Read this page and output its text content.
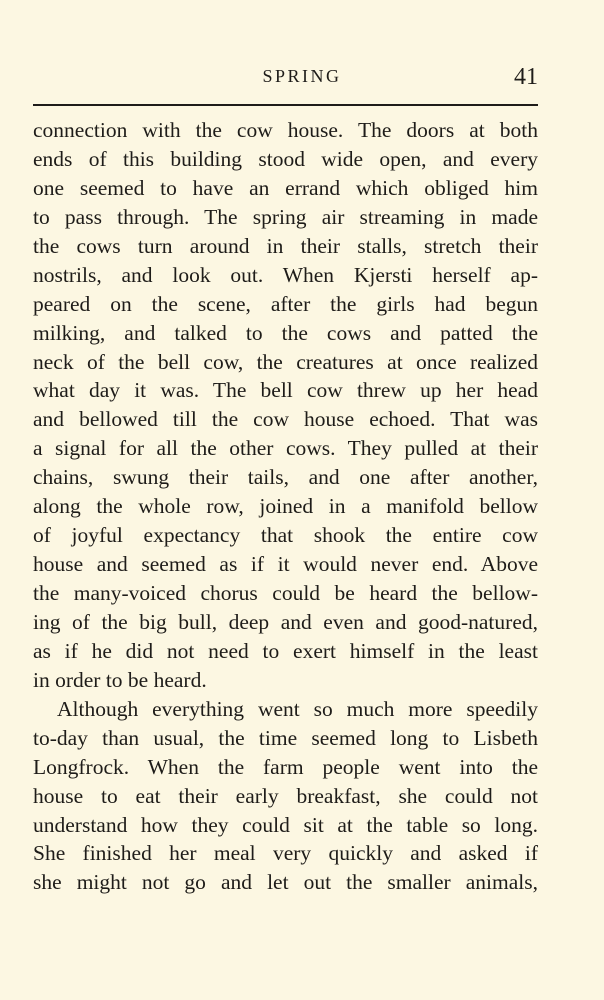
SPRING	41
connection with the cow house. The doors at both
ends of this building stood wide open, and every
one seemed to have an errand which obliged him
to pass through. The spring air streaming in made
the cows turn around in their stalls, stretch their
nostrils, and look out. When Kjersti herself ap-
peared on the scene, after the girls had begun
milking, and talked to the cows and patted the
neck of the bell cow, the creatures at once realized
what day it was. The bell cow threw up her head
and bellowed till the cow house echoed. That was
a signal for all the other cows. They pulled at their
chains, swung their tails, and one after another,
along the whole row, joined in a manifold bellow
of joyful expectancy that shook the entire cow
house and seemed as if it would never end. Above
the many-voiced chorus could be heard the bellow-
ing of the big bull, deep and even and good-natured,
as if he did not need to exert himself in the least
in order to be heard.
Although everything went so much more speedily
to-day than usual, the time seemed long to Lisbeth
Longfrock. When the farm people went into the
house to eat their early breakfast, she could not
understand how they could sit at the table so long.
She finished her meal very quickly and asked if
she might not go and let out the smaller animals,
